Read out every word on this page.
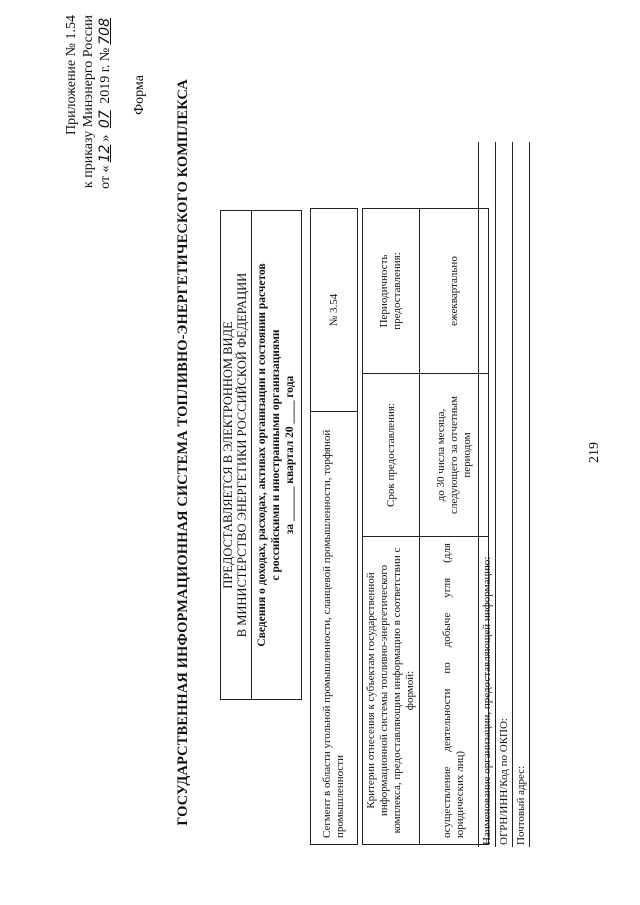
219
Приложение № 1.54 к приказу Минэнерго России от «12» 07 2019 г. №708
Форма ГОСУДАРСТВЕННАЯ ИНФОРМАЦИОННАЯ СИСТЕМА ТОПЛИВНО-ЭНЕРГЕТИЧЕСКОГО КОМПЛЕКСА ПРЕДОСТАВЛЯЕТСЯ В ЭЛЕКТРОННОМ ВИДЕ В МИНИСТЕРСТВО ЭНЕРГЕТИКИ РОССИЙСКОЙ ФЕДЕРАЦИИ Сведения о доходах, расходах, активах организации и состоянии расчетов с российскими и иностранными организациями за ______ квартал 20 ____ года Сегмент в области угольной промышленности, сланцевой промышленности, торфяной промышленности	№ 3.54
Критерии отнесения к субъектам государственной информационной системы топливно-энергетического комплекса, предоставляющим информацию в соответствии с формой:	Срок предоставления:	Периодичность предоставления:
осуществление деятельности по добыче угля (для юридических лиц)	до 30 числа месяца, следующего за отчетным периодом	ежеквартально
Наименование организации, предоставляющей информацию: ОГРН/ИНН/Код по ОКПО: Почтовый адрес:
